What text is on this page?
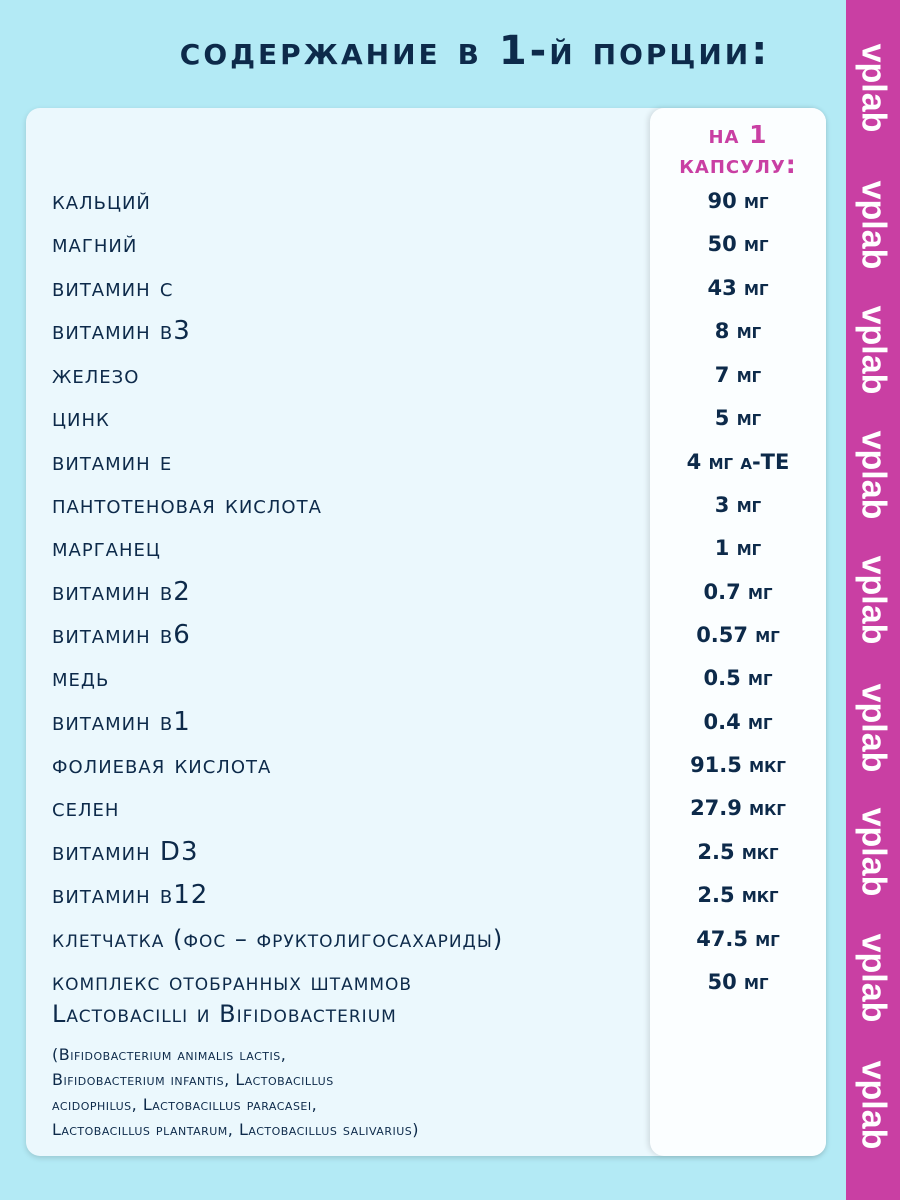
содержание в 1-й порции:	vplab
vplab
vplab
vplab
vplab
vplab
vplab
vplab
vplab
на 1
капсулу:
кальций	90 мг
магний	50 мг
витамин с	43 мг
витамин в3	8 мг
железо	7 мг
цинк	5 мг
витамин е	4 мг α-ТЕ
пантотеновая кислота	3 мг
марганец	1 мг
витамин в2	0.7 мг
витамин в6	0.57 мг
медь	0.5 мг
витамин в1	0.4 мг
фолиевая кислота	91.5 мкг
селен	27.9 мкг
витамин D3	2.5 мкг
витамин в12	2.5 мкг
клетчатка (фос – фруктолигосахариды)	47.5 мг
комплекс отобранных штаммов
Lactobacilli и Bifidobacterium
50 мг
(Bifidobacterium animalis lactis,
Bifidobacterium infantis, Lactobacillus
acidophilus, Lactobacillus paracasei,
Lactobacillus plantarum, Lactobacillus salivarius)
